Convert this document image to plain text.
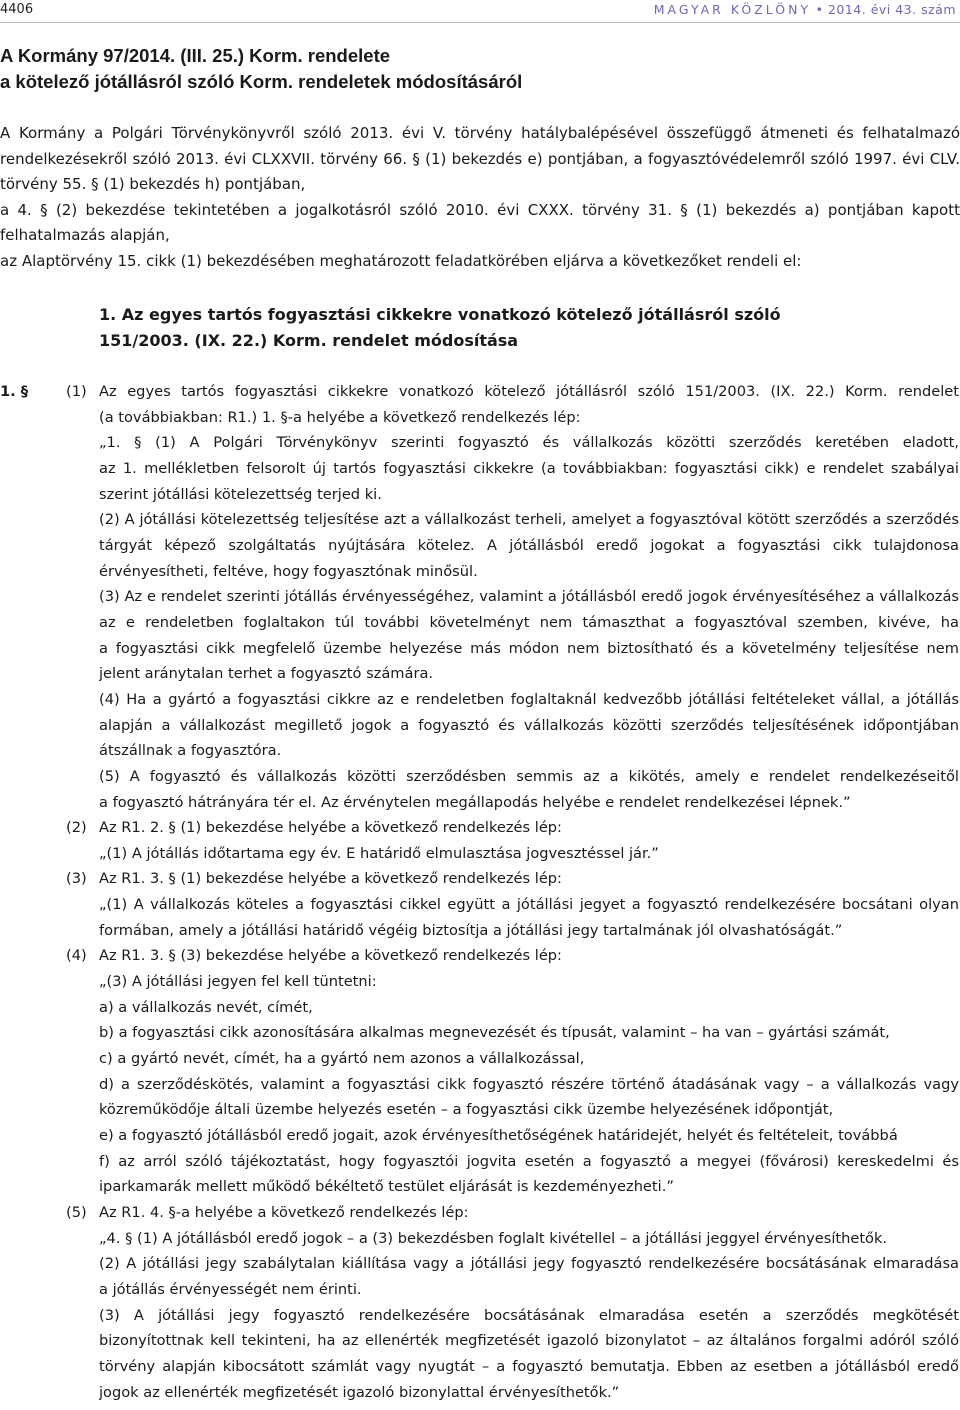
4406	MAGYAR KÖZLÖNY • 2014. évi 43. szám
A Kormány 97/2014. (III. 25.) Korm. rendelete
a kötelező jótállásról szóló Korm. rendeletek módosításáról

A Kormány a Polgári Törvénykönyvről szóló 2013. évi V. törvény hatálybalépésével összefüggő átmeneti és felhatalmazó rendelkezésekről szóló 2013. évi CLXXVII. törvény 66. § (1) bekezdés e) pontjában, a fogyasztóvédelemről szóló 1997. évi CLV. törvény 55. § (1) bekezdés h) pontjában,

a 4. § (2) bekezdése tekintetében a jogalkotásról szóló 2010. évi CXXX. törvény 31. § (1) bekezdés a) pontjában kapott felhatalmazás alapján,

az Alaptörvény 15. cikk (1) bekezdésében meghatározott feladatkörében eljárva a következőket rendeli el:

1. Az egyes tartós fogyasztási cikkekre vonatkozó kötelező jótállásról szóló
151/2003. (IX. 22.) Korm. rendelet módosítása
1. §	(1) Az egyes tartós fogyasztási cikkekre vonatkozó kötelező jótállásról szóló 151/2003. (IX. 22.) Korm. rendelet
(a továbbiakban: R1.) 1. §-a helyébe a következő rendelkezés lép:
„1. § (1) A Polgári Törvénykönyv szerinti fogyasztó és vállalkozás közötti szerződés keretében eladott,
az 1. mellékletben felsorolt új tartós fogyasztási cikkekre (a továbbiakban: fogyasztási cikk) e rendelet szabályai
szerint jótállási kötelezettség terjed ki.
(2) A jótállási kötelezettség teljesítése azt a vállalkozást terheli, amelyet a fogyasztóval kötött szerződés a szerződés
tárgyát képező szolgáltatás nyújtására kötelez. A jótállásból eredő jogokat a fogyasztási cikk tulajdonosa
érvényesítheti, feltéve, hogy fogyasztónak minősül.
(3) Az e rendelet szerinti jótállás érvényességéhez, valamint a jótállásból eredő jogok érvényesítéséhez a vállalkozás
az e rendeletben foglaltakon túl további követelményt nem támaszthat a fogyasztóval szemben, kivéve, ha
a fogyasztási cikk megfelelő üzembe helyezése más módon nem biztosítható és a követelmény teljesítése nem
jelent aránytalan terhet a fogyasztó számára.
(4) Ha a gyártó a fogyasztási cikkre az e rendeletben foglaltaknál kedvezőbb jótállási feltételeket vállal, a jótállás
alapján a vállalkozást megillető jogok a fogyasztó és vállalkozás közötti szerződés teljesítésének időpontjában
átszállnak a fogyasztóra.
(5) A fogyasztó és vállalkozás közötti szerződésben semmis az a kikötés, amely e rendelet rendelkezéseitől
a fogyasztó hátrányára tér el. Az érvénytelen megállapodás helyébe e rendelet rendelkezései lépnek.”
(2) Az R1. 2. § (1) bekezdése helyébe a következő rendelkezés lép:
„(1) A jótállás időtartama egy év. E határidő elmulasztása jogvesztéssel jár.”
(3) Az R1. 3. § (1) bekezdése helyébe a következő rendelkezés lép:
„(1) A vállalkozás köteles a fogyasztási cikkel együtt a jótállási jegyet a fogyasztó rendelkezésére bocsátani olyan
formában, amely a jótállási határidő végéig biztosítja a jótállási jegy tartalmának jól olvashatóságát.”
(4) Az R1. 3. § (3) bekezdése helyébe a következő rendelkezés lép:
„(3) A jótállási jegyen fel kell tüntetni:
a) a vállalkozás nevét, címét,
b) a fogyasztási cikk azonosítására alkalmas megnevezését és típusát, valamint – ha van – gyártási számát,
c) a gyártó nevét, címét, ha a gyártó nem azonos a vállalkozással,
d) a szerződéskötés, valamint a fogyasztási cikk fogyasztó részére történő átadásának vagy – a vállalkozás vagy
közreműködője általi üzembe helyezés esetén – a fogyasztási cikk üzembe helyezésének időpontját,
e) a fogyasztó jótállásból eredő jogait, azok érvényesíthetőségének határidejét, helyét és feltételeit, továbbá
f) az arról szóló tájékoztatást, hogy fogyasztói jogvita esetén a fogyasztó a megyei (fővárosi) kereskedelmi és
iparkamarák mellett működő békéltető testület eljárását is kezdeményezheti.”
(5) Az R1. 4. §-a helyébe a következő rendelkezés lép:
„4. § (1) A jótállásból eredő jogok – a (3) bekezdésben foglalt kivétellel – a jótállási jeggyel érvényesíthetők.
(2) A jótállási jegy szabálytalan kiállítása vagy a jótállási jegy fogyasztó rendelkezésére bocsátásának elmaradása
a jótállás érvényességét nem érinti.
(3) A jótállási jegy fogyasztó rendelkezésére bocsátásának elmaradása esetén a szerződés megkötését
bizonyítottnak kell tekinteni, ha az ellenérték megfizetését igazoló bizonylatot – az általános forgalmi adóról szóló
törvény alapján kibocsátott számlát vagy nyugtát – a fogyasztó bemutatja. Ebben az esetben a jótállásból eredő
jogok az ellenérték megfizetését igazoló bizonylattal érvényesíthetők.”
